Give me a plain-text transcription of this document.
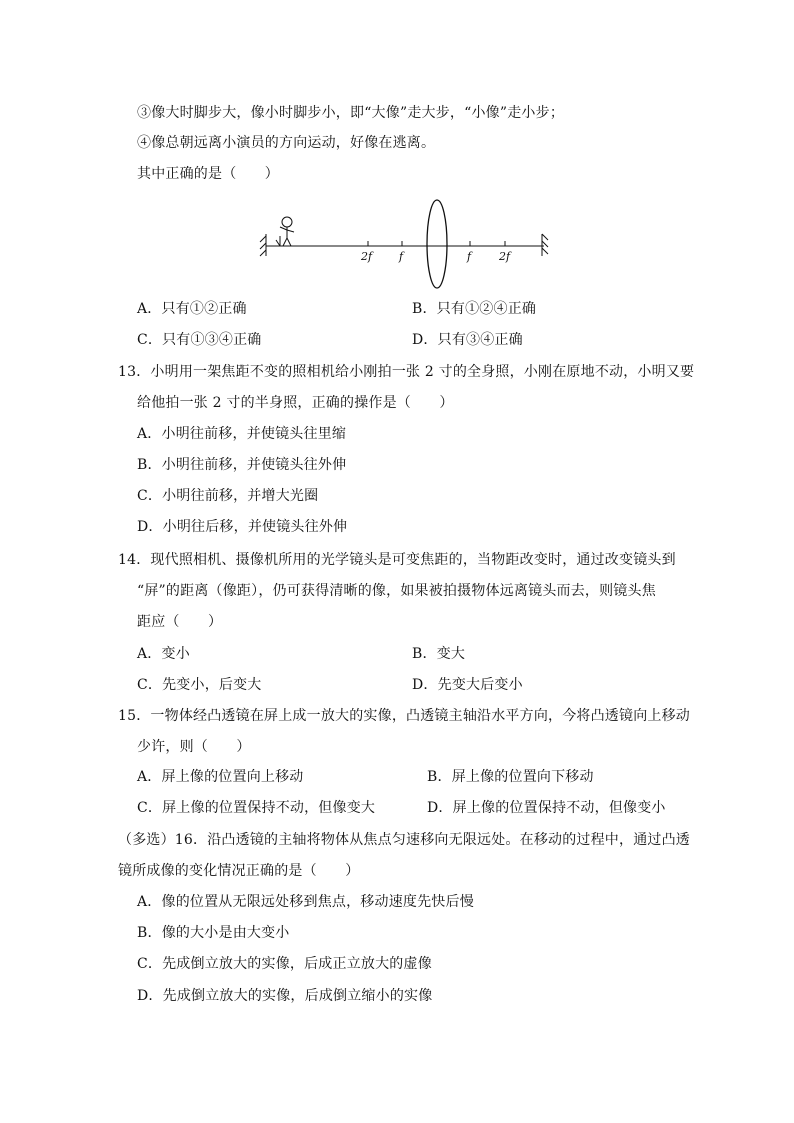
③像大时脚步大，像小时脚步小，即“大像”走大步，“小像”走小步；
④像总朝远离小演员的方向运动，好像在逃离。
其中正确的是（　　）
2f f	f	2f
A．只有①②正确	B．只有①②④正确
C．只有①③④正确	D．只有③④正确
13．小明用一架焦距不变的照相机给小刚拍一张 2 寸的全身照，小刚在原地不动，小明又要
给他拍一张 2 寸的半身照，正确的操作是（　　）
A．小明往前移，并使镜头往里缩
B．小明往前移，并使镜头往外伸
C．小明往前移，并增大光圈
D．小明往后移，并使镜头往外伸
14．现代照相机、摄像机所用的光学镜头是可变焦距的，当物距改变时，通过改变镜头到
“屏”的距离（像距），仍可获得清晰的像，如果被拍摄物体远离镜头而去，则镜头焦
距应（　　）
A．变小	B．变大
C．先变小，后变大	D．先变大后变小
15．一物体经凸透镜在屏上成一放大的实像，凸透镜主轴沿水平方向，今将凸透镜向上移动
少许，则（　　）
A．屏上像的位置向上移动	B．屏上像的位置向下移动
C．屏上像的位置保持不动，但像变大	D．屏上像的位置保持不动，但像变小
（多选）16．沿凸透镜的主轴将物体从焦点匀速移向无限远处。在移动的过程中，通过凸透
镜所成像的变化情况正确的是（　　）
A．像的位置从无限远处移到焦点，移动速度先快后慢
B．像的大小是由大变小
C．先成倒立放大的实像，后成正立放大的虚像
D．先成倒立放大的实像，后成倒立缩小的实像
